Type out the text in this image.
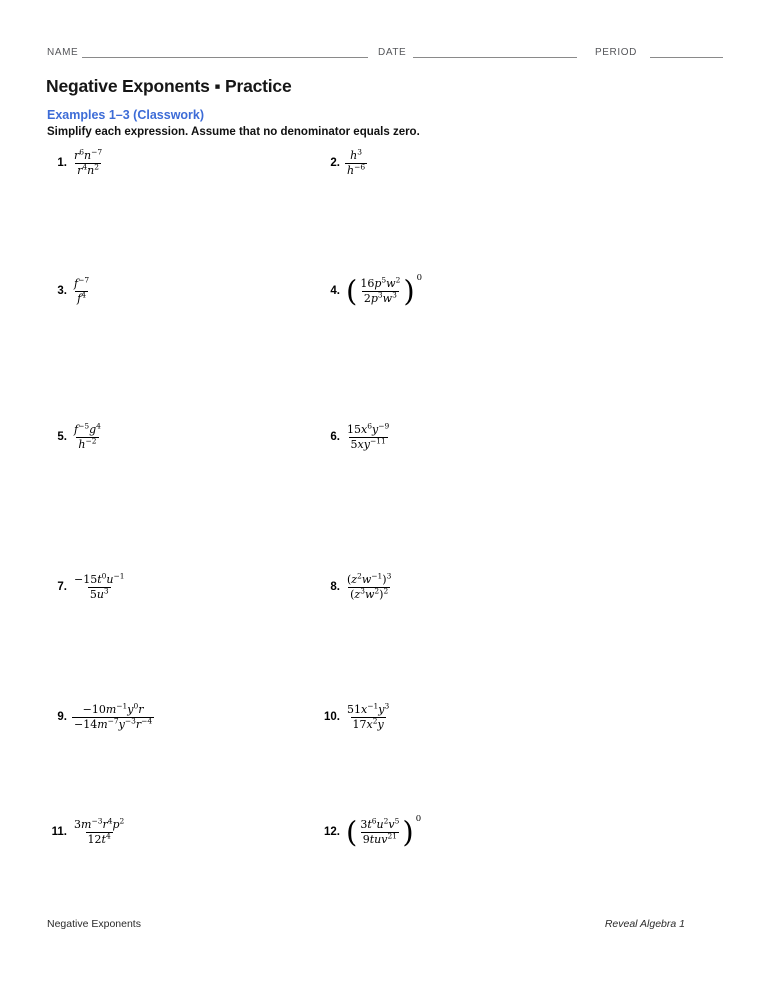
NAME	DATE	PERIOD
Negative Exponents ▪ Practice
Examples 1–3 (Classwork)
Simplify each expression. Assume that no denominator equals zero.
1. $\frac{r^6n^{-7}}{r^4n^2}$	2. $\frac{h^3}{h^{-6}}$
3. $\frac{f^{-7}}{f^4}$	4. ( $\frac{16p^5w^2}{2p^3w^3}$ ) 0
5. $\frac{f^{-5}g^4}{h^{-2}}$	6. $\frac{15x^6y^{-9}}{5xy^{-11}}$
7. $\frac{-15t^0u^{-1}}{5u^3}$	8. $\frac{(z^2w^{-1})^3}{(z^3w^2)^2}$
9. $\frac{-10m^{-1}y^0r}{-14m^{-7}y^{-3}r^{-4}}$	10. $\frac{51x^{-1}y^3}{17x^2y}$
11. $\frac{3m^{-3}r^4p^2}{12t^4}$	12. ( $\frac{3t^6u^2v^5}{9tuv^{21}}$ ) 0
Negative Exponents	Reveal Algebra 1
